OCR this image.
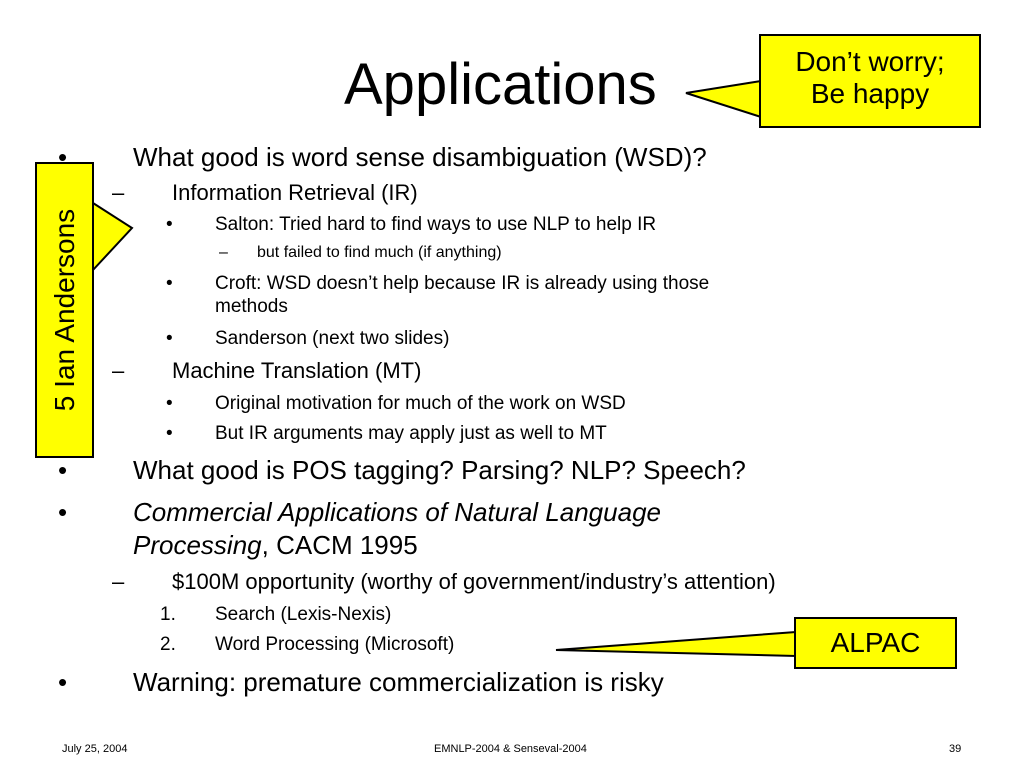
Applications	Don’t worry;
Be happy
5 Ian Andersons
ALPAC
•	What good is word sense disambiguation (WSD)?
– Information Retrieval (IR)
• Salton: Tried hard to find ways to use NLP to help IR
– but failed to find much (if anything)
• Croft: WSD doesn’t help because IR is already using those
methods
• Sanderson (next two slides)
– Machine Translation (MT)
• Original motivation for much of the work on WSD
• But IR arguments may apply just as well to MT
•	What good is POS tagging? Parsing? NLP? Speech?
•	Commercial Applications of Natural Language
Processing, CACM 1995
– $100M opportunity (worthy of government/industry’s attention)
1. Search (Lexis-Nexis)
2. Word Processing (Microsoft)
•	Warning: premature commercialization is risky
July 25, 2004	EMNLP-2004 & Senseval-2004	39
